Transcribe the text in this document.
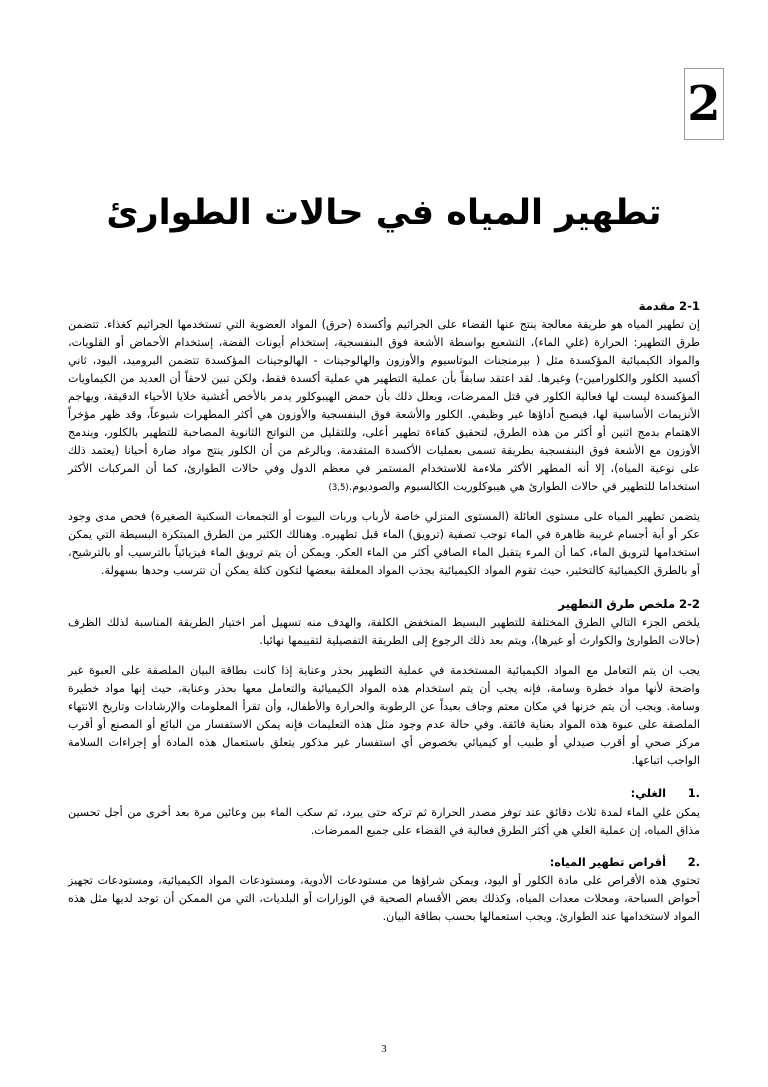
2
تطهير المياه في حالات الطوارئ
2-1 مقدمة

إن تطهير المياه هو طريقة معالجة ينتج عنها القضاء على الجراثيم وأكسدة (حرق) المواد العضوية التي تستخدمها الجراثيم كغذاء. تتضمن طرق التطهير: الحرارة (غلي الماء)، التشعيع بواسطة الأشعة فوق البنفسجية، إستخدام أيونات الفضة، إستخدام الأحماض أو القلويات، والمواد الكيميائية المؤكسدة مثل ( بيرمنجنات البوتاسيوم والأوزون والهالوجينات - الهالوجينات المؤكسدة تتضمن البروميد، اليود، ثاني أكسيد الكلور والكلورامين-) وغيرها. لقد اعتقد سابقاً بأن عملية التطهير هي عملية أكسدة فقط، ولكن تبين لاحقاً أن العديد من الكيماويات المؤكسدة ليست لها فعالية الكلور في قتل الممرضات، ويعلل ذلك بأن حمض الهيبوكلور يدمر بالأخص أغشية خلايا الأحياء الدقيقة، ويهاجم الأنزيمات الأساسية لها، فيصبح أداؤها غير وظيفي. الكلور والأشعة فوق البنفسجية والأوزون هي أكثر المطهرات شيوعاً، وقد ظهر مؤخراً الاهتمام بدمج اثنين أو أكثر من هذه الطرق، لتحقيق كفاءة تطهير أعلى، وللتقليل من النواتج الثانوية المصاحبة للتطهير بالكلور، ويندمج الأوزون مع الأشعة فوق البنفسجية بطريقة تسمى بعمليات الأكسدة المتقدمة. وبالرغم من أن الكلور ينتج مواد ضارة أحيانا (يعتمد ذلك على نوعية المياه)، إلا أنه المطهر الأكثر ملاءمة للاستخدام المستمر في معظم الدول وفي حالات الطوارئ، كما أن المركبات الأكثر استخداما للتطهير في حالات الطوارئ هي هيبوكلوريت الكالسيوم والصوديوم.(3,5)

يتضمن تطهير المياه على مستوى العائلة (المستوى المنزلي خاصة لأرباب وربات البيوت أو التجمعات السكنية الصغيرة) فحص مدى وجود عكر أو أية أجسام غريبة ظاهرة في الماء توجب تصفية (ترويق) الماء قبل تطهيره. وهنالك الكثير من الطرق المبتكرة البسيطة التي يمكن استخدامها لترويق الماء، كما أن المرء يتقبل الماء الصافي أكثر من الماء العكر. ويمكن أن يتم ترويق الماء فيزيائياً بالترسيب أو بالترشيح، أو بالطرق الكيميائية كالتخثير، حيث تقوم المواد الكيميائية بجذب المواد المعلقة ببعضها لتكون كتلة يمكن أن تترسب وحدها بسهولة.

2-2 ملخص طرق التطهير

يلخص الجزء التالي الطرق المختلفة للتطهير البسيط المنخفض الكلفة، والهدف منه تسهيل أمر اختيار الطريقة المناسبة لذلك الظرف (حالات الطوارئ والكوارث أو غيرها)، ويتم بعد ذلك الرجوع إلى الطريقة التفصيلية لتقييمها نهائيا.

يجب ان يتم التعامل مع المواد الكيميائية المستخدمة في عملية التطهير بحذر وعناية إذا كانت بطاقة البيان الملصقة على العبوة غير واضحة لأنها مواد خطرة وسامة، فإنه يجب أن يتم استخدام هذه المواد الكيميائية والتعامل معها بحذر وعناية، حيث إنها مواد خطيرة وسامة. ويجب أن يتم خزنها في مكان معتم وجاف بعيداً عن الرطوبة والحرارة والأطفال، وأن تقرأ المعلومات والإرشادات وتاريخ الانتهاء الملصقة على عبوة هذه المواد بعناية فائقة. وفي حالة عدم وجود مثل هذه التعليمات فإنه يمكن الاستفسار من البائع أو المصنع أو أقرب مركز صحي أو أقرب صيدلي أو طبيب أو كيميائي بخصوص أي استفسار غير مذكور يتعلق باستعمال هذه المادة أو إجراءات السلامة الواجب اتباعها.

1.
الغلي:
يمكن غلي الماء لمدة ثلاث دقائق عند توفر مصدر الحرارة ثم تركه حتى يبرد، ثم سكب الماء بين وعائين مرة بعد أخرى من أجل تحسين مذاق المياه، إن عملية الغلي هي أكثر الطرق فعالية في القضاء على جميع الممرضات.
2.
أقراص تطهير المياه:
تحتوي هذه الأقراص على مادة الكلور أو اليود، ويمكن شراؤها من مستودعات الأدوية، ومستودعات المواد الكيميائية، ومستودعات تجهيز أحواض السباحة، ومحلات معدات المياه، وكذلك بعض الأقسام الصحية في الوزارات أو البلديات، التي من الممكن أن توجد لديها مثل هذه المواد لاستخدامها عند الطوارئ. ويجب استعمالها بحسب بطاقة البيان.
3
